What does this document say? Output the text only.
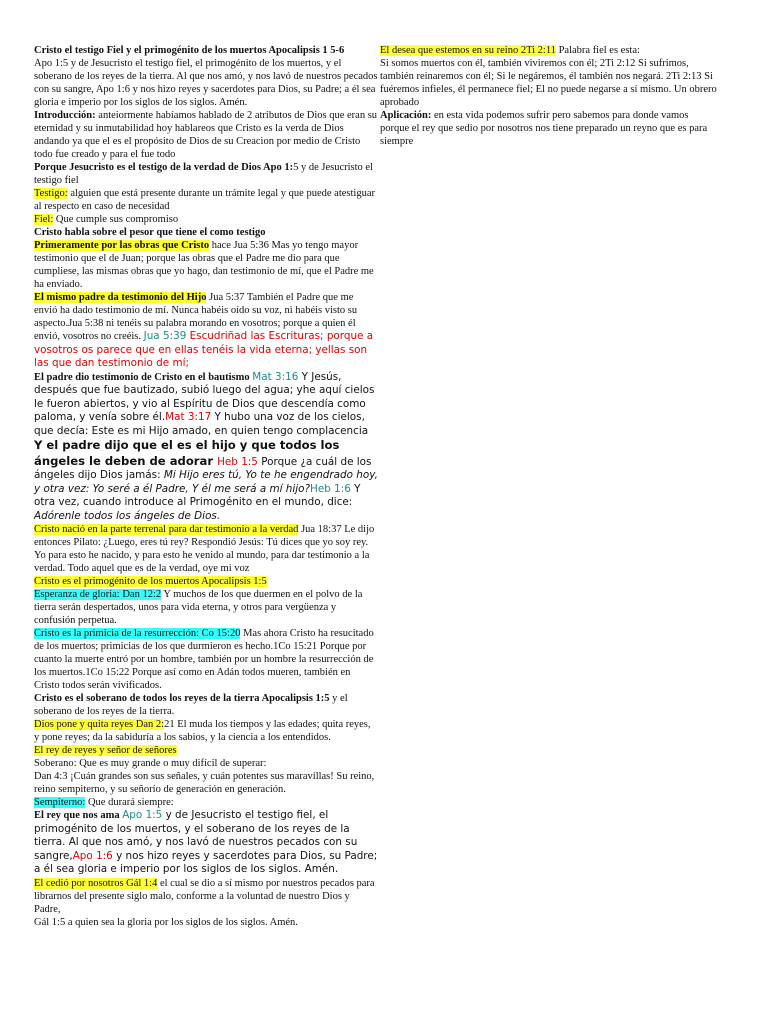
Cristo el testigo Fiel y el primogénito de los muertos Apocalipsis 1 5-6
Apo 1:5 y de Jesucristo el testigo fiel, el primogénito de los muertos, y el soberano de los reyes de la tierra. Al que nos amó, y nos lavó de nuestros pecados con su sangre, Apo 1:6 y nos hizo reyes y sacerdotes para Dios, su Padre; a él sea gloria e imperio por los siglos de los siglos. Amén.

Introducción: anteiormente habíamos hablado de 2 atributos de Dios que eran su eternidad y su inmutabilidad hoy hablareos que Cristo es la verda de Dios andando ya que el es el propósito de Dios de su Creacion por medio de Cristo todo fue creado y para el fue todo

Porque Jesucristo es el testigo de la verdad de Dios Apo 1:5 y de Jesucristo el testigo fiel

Testigo: alguien que está presente durante un trámite legal y que puede atestiguar al respecto en caso de necesidad

Fiel: Que cumple sus compromiso

Cristo habla sobre el pesor que tiene el como testigo

Primeramente por las obras que Cristo hace Jua 5:36 Mas yo tengo mayor testimonio que el de Juan; porque las obras que el Padre me dio para que cumpliese, las mismas obras que yo hago, dan testimonio de mí, que el Padre me ha enviado.

El mismo padre da testimonio del Hijo Jua 5:37 También el Padre que me envió ha dado testimonio de mí. Nunca habéis oído su voz, ni habéis visto su aspecto.Jua 5:38 ni tenéis su palabra morando en vosotros; porque a quien él envió, vosotros no creéis. Jua 5:39 Escudriñad las Escrituras; porque a vosotros os parece que en ellas tenéis la vida eterna; yellas son las que dan testimonio de mí;

El padre dio testimonio de Cristo en el bautismo Mat 3:16 Y Jesús, después que fue bautizado, subió luego del agua; yhe aquí cielos le fueron abiertos, y vio al Espíritu de Dios que descendía como paloma, y venía sobre él.Mat 3:17 Y hubo una voz de los cielos, que decía: Este es mi Hijo amado, en quien tengo complacencia

Y el padre dijo que el es el hijo y que todos los ángeles le deben de adorar Heb 1:5 Porque ¿a cuál de los ángeles dijo Dios jamás: Mi Hijo eres tú, Yo te he engendrado hoy, y otra vez: Yo seré a él Padre, Y él me será a mí hijo?Heb 1:6 Y otra vez, cuando introduce al Primogénito en el mundo, dice: Adórenle todos los ángeles de Dios.

Cristo nació en la parte terrenal para dar testimonio a la verdad Jua 18:37 Le dijo entonces Pilato: ¿Luego, eres tú rey? Respondió Jesús: Tú dices que yo soy rey. Yo para esto he nacido, y para esto he venido al mundo, para dar testimonio a la verdad. Todo aquel que es de la verdad, oye mi voz

Cristo es el primogénito de los muertos Apocalipsis 1:5

Esperanza de gloria: Dan 12:2 Y muchos de los que duermen en el polvo de la tierra serán despertados, unos para vida eterna, y otros para vergüenza y confusión perpetua.

Cristo es la primicia de la resurrección: Co 15:20 Mas ahora Cristo ha resucitado de los muertos; primicias de los que durmieron es hecho.1Co 15:21 Porque por cuanto la muerte entró por un hombre, también por un hombre la resurrección de los muertos.1Co 15:22 Porque así como en Adán todos mueren, también en Cristo todos serán vivificados.

Cristo es el soberano de todos los reyes de la tierra Apocalipsis 1:5 y el soberano de los reyes de la tierra.

Dios pone y quita reyes Dan 2:21 El muda los tiempos y las edades; quita reyes, y pone reyes; da la sabiduría a los sabios, y la ciencia a los entendidos.

El rey de reyes y señor de señores

Soberano: Que es muy grande o muy difícil de superar:

Dan 4:3 ¡Cuán grandes son sus señales, y cuán potentes sus maravillas! Su reino, reino sempiterno, y su señorío de generación en generación.

Sempiterno: Que durará siempre:

El rey que nos ama Apo 1:5 y de Jesucristo el testigo fiel, el primogénito de los muertos, y el soberano de los reyes de la tierra. Al que nos amó, y nos lavó de nuestros pecados con su sangre,Apo 1:6 y nos hizo reyes y sacerdotes para Dios, su Padre; a él sea gloria e imperio por los siglos de los siglos. Amén.

El cedió por nosotros Gál 1:4 el cual se dio a sí mismo por nuestros pecados para librarnos del presente siglo malo, conforme a la voluntad de nuestro Dios y Padre,

Gál 1:5 a quien sea la gloria por los siglos de los siglos. Amén.

El desea que estemos en su reino 2Ti 2:11 Palabra fiel es esta:

Si somos muertos con él, también viviremos con él; 2Ti 2:12 Si sufrimos, también reinaremos con él; Si le negáremos, él también nos negará. 2Ti 2:13 Si fuéremos infieles, él permanece fiel; El no puede negarse a sí mismo. Un obrero aprobado

Aplicación: en esta vida podemos sufrir pero sabemos para donde vamos porque el rey que sedio por nosotros nos tiene preparado un reyno que es para siempre
